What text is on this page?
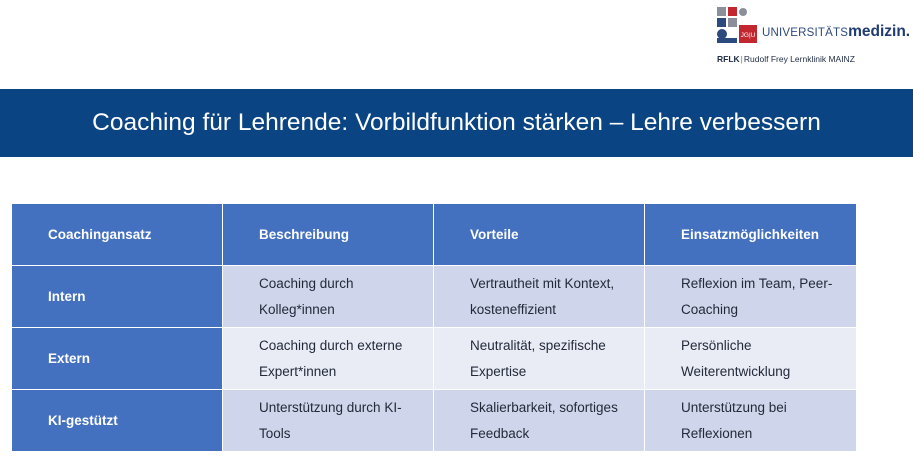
JG|U UNIVERSITÄTSmedizin.
RFLK|Rudolf Frey Lernklinik MAINZ
Coaching für Lehrende: Vorbildfunktion stärken – Lehre verbessern
Coachingansatz	Beschreibung	Vorteile	Einsatzmöglichkeiten
Intern	Coaching durch Kolleg*innen	Vertrautheit mit Kontext, kosteneffizient	Reflexion im Team, Peer-Coaching
Extern	Coaching durch externe Expert*innen	Neutralität, spezifische Expertise	Persönliche Weiterentwicklung
KI-gestützt	Unterstützung durch KI-Tools	Skalierbarkeit, sofortiges Feedback	Unterstützung bei Reflexionen
